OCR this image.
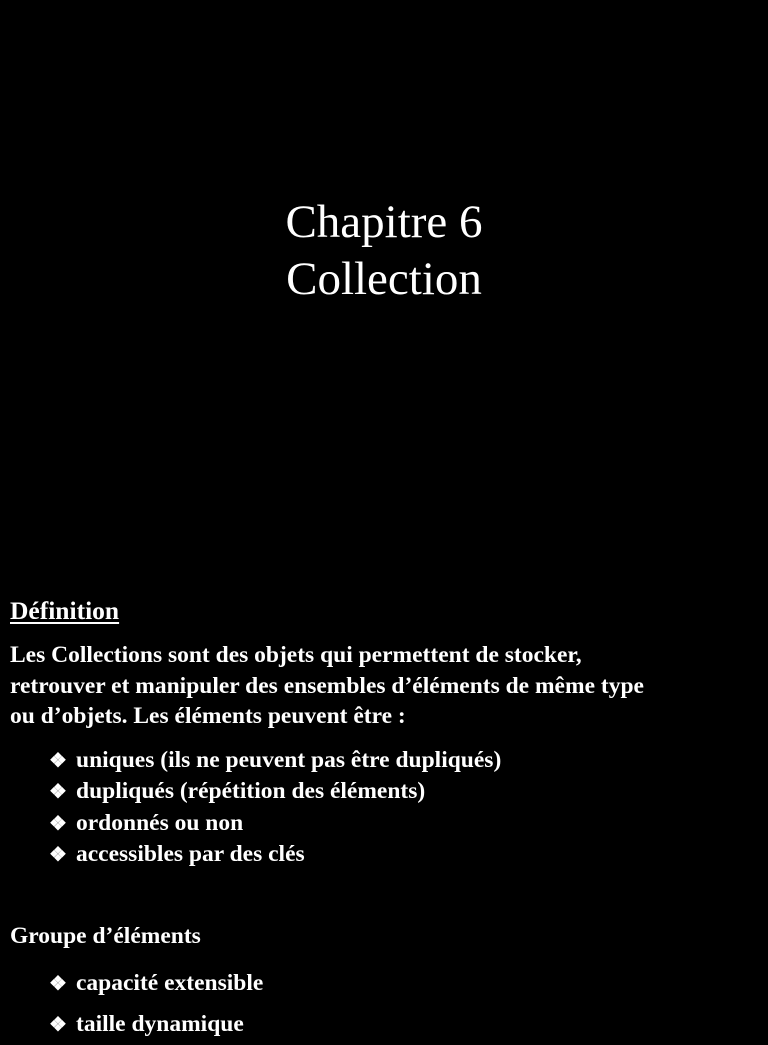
Chapitre 6
Collection
Définition

Les Collections sont des objets qui permettent de stocker,
retrouver et manipuler des ensembles d’éléments de même type
ou d’objets. Les éléments peuvent être :

❖ uniques (ils ne peuvent pas être dupliqués)
❖ dupliqués (répétition des éléments)
❖ ordonnés ou non
❖ accessibles par des clés
Groupe d’éléments
❖ capacité extensible
❖ taille dynamique
